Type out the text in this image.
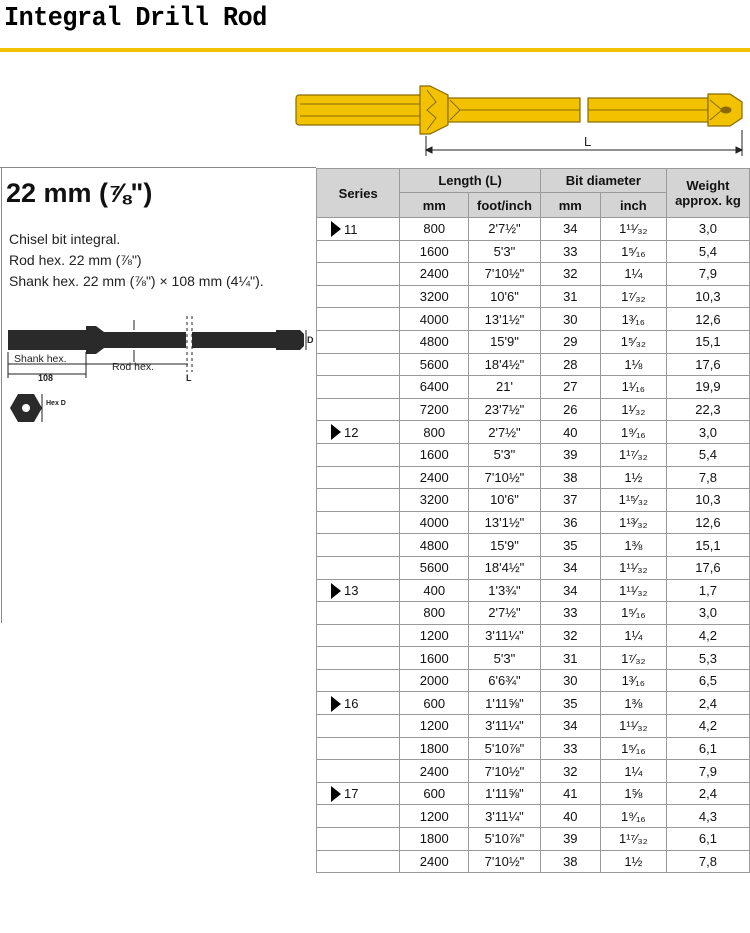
Integral Drill Rod
L
22 mm (⅞")
Chisel bit integral.
Rod hex. 22 mm (⅞")
Shank hex. 22 mm (⅞") × 108 mm (4¼").
Shank hex.
108
Rod hex.
L
D
Hex D
Series	Length (L)		Bit diameter		Weight
approx. kg

	mm	foot/inch	mm	inch	
11	800	2'7½"	34	1¹¹⁄₃₂	3,0
	1600	5'3"	33	1⁵⁄₁₆	5,4
	2400	7'10½"	32	1¼	7,9
	3200	10'6"	31	1⁷⁄₃₂	10,3
	4000	13'1½"	30	1³⁄₁₆	12,6
	4800	15'9"	29	1⁵⁄₃₂	15,1
	5600	18'4½"	28	1⅛	17,6
	6400	21'	27	1¹⁄₁₆	19,9
	7200	23'7½"	26	1¹⁄₃₂	22,3
12	800	2'7½"	40	1⁹⁄₁₆	3,0
	1600	5'3"	39	1¹⁷⁄₃₂	5,4
	2400	7'10½"	38	1½	7,8
	3200	10'6"	37	1¹⁵⁄₃₂	10,3
	4000	13'1½"	36	1¹³⁄₃₂	12,6
	4800	15'9"	35	1⅜	15,1
	5600	18'4½"	34	1¹¹⁄₃₂	17,6
13	400	1'3¾"	34	1¹¹⁄₃₂	1,7
	800	2'7½"	33	1⁵⁄₁₆	3,0
	1200	3'11¼"	32	1¼	4,2
	1600	5'3"	31	1⁷⁄₃₂	5,3
	2000	6'6¾"	30	1³⁄₁₆	6,5
16	600	1'11⅝"	35	1⅜	2,4
	1200	3'11¼"	34	1¹¹⁄₃₂	4,2
	1800	5'10⅞"	33	1⁵⁄₁₆	6,1
	2400	7'10½"	32	1¼	7,9
17	600	1'11⅝"	41	1⅝	2,4
	1200	3'11¼"	40	1⁹⁄₁₆	4,3
	1800	5'10⅞"	39	1¹⁷⁄₃₂	6,1
	2400	7'10½"	38	1½	7,8
